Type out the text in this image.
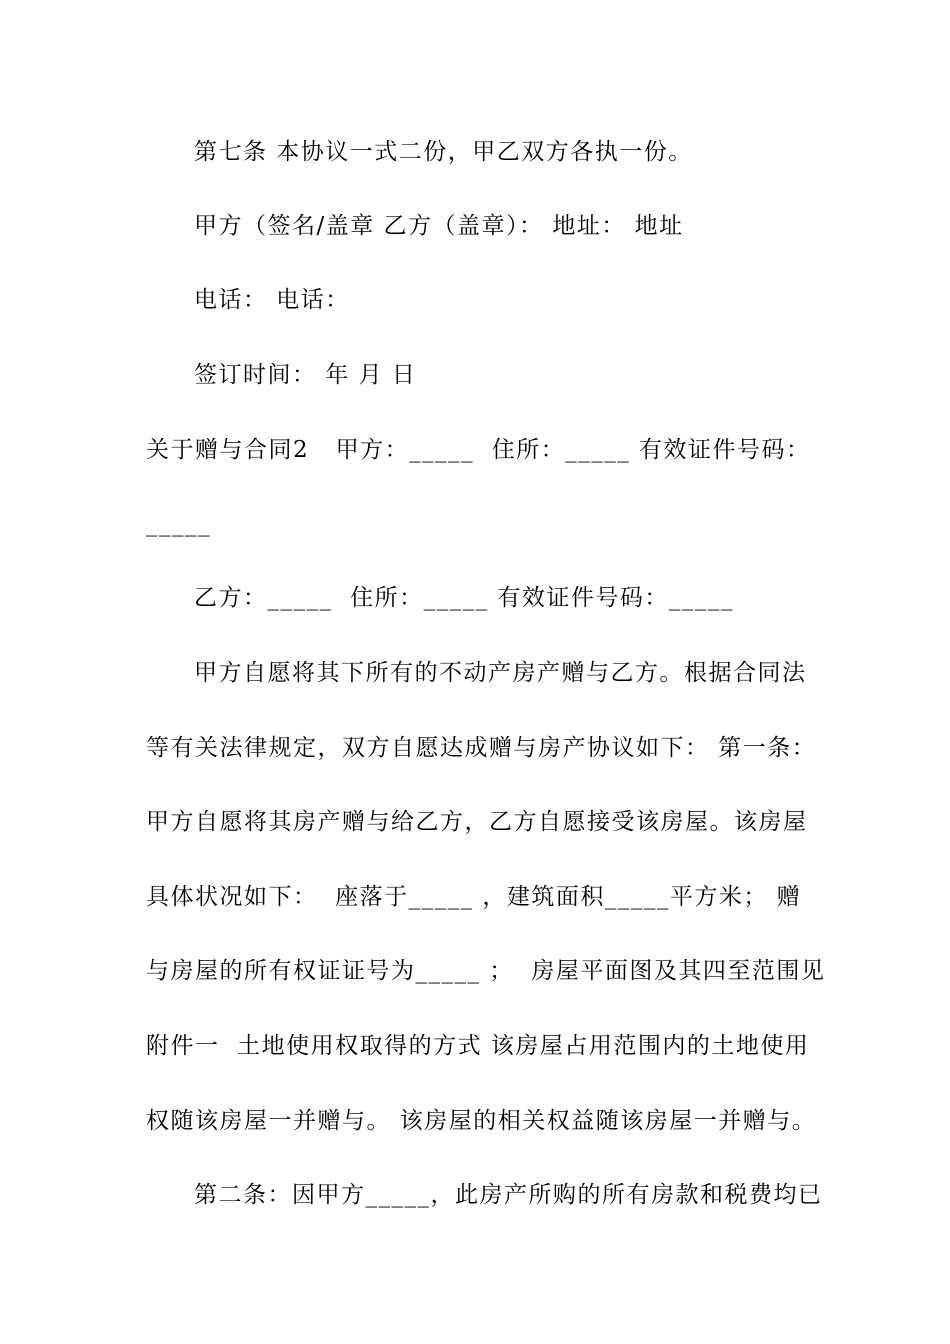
第七条 本协议一式二份，甲乙双方各执一份。
甲方（签名/盖章 乙方（盖章）： 地址： 地址
电话： 电话：
签订时间： 年 月 日
关于赠与合同2   甲方：_____  住所：_____ 有效证件号码：
_____
乙方：_____  住所：_____ 有效证件号码：_____
甲方自愿将其下所有的不动产房产赠与乙方。根据合同法
等有关法律规定，双方自愿达成赠与房产协议如下： 第一条：
甲方自愿将其房产赠与给乙方，乙方自愿接受该房屋。该房屋
具体状况如下：  座落于_____ ，建筑面积_____平方米； 赠
与房屋的所有权证证号为_____ ；  房屋平面图及其四至范围见
附件一  土地使用权取得的方式 该房屋占用范围内的土地使用
权随该房屋一并赠与。 该房屋的相关权益随该房屋一并赠与。
第二条：因甲方_____，此房产所购的所有房款和税费均已
